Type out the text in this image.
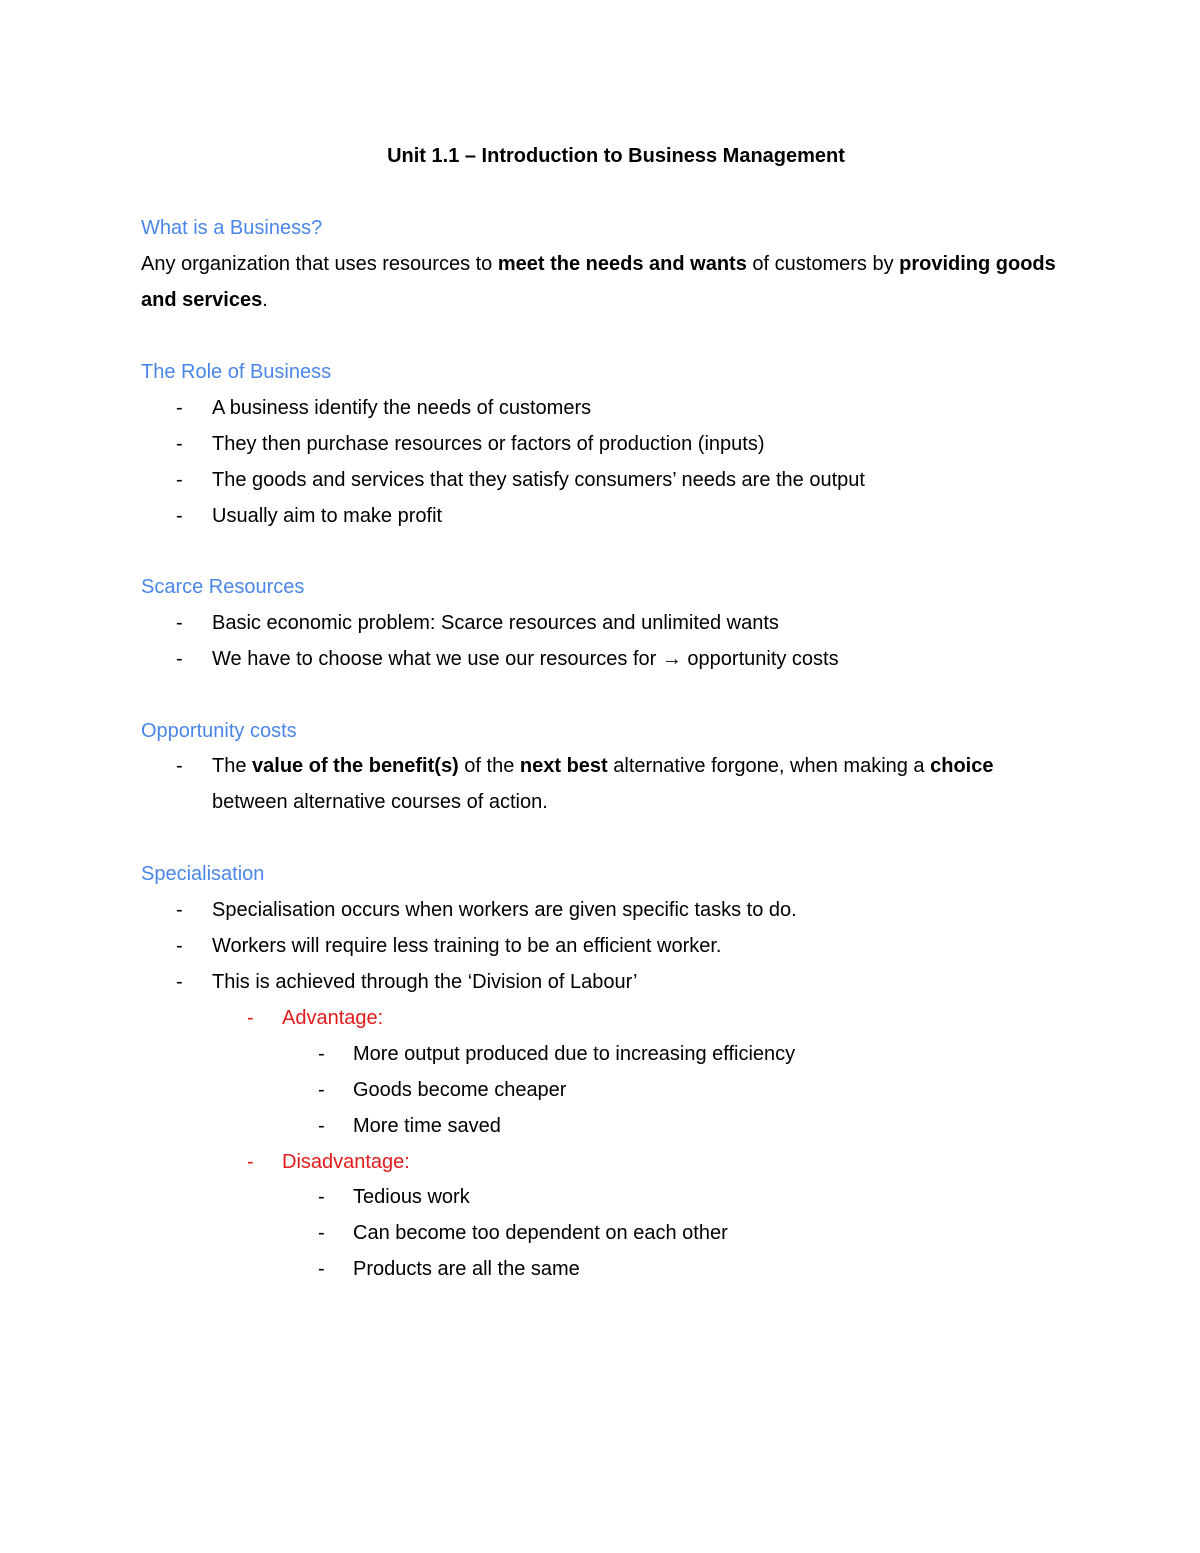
Unit 1.1 – Introduction to Business Management
What is a Business?
Any organization that uses resources to meet the needs and wants of customers by providing goods and services.
The Role of Business
- A business identify the needs of customers
- They then purchase resources or factors of production (inputs)
- The goods and services that they satisfy consumers’ needs are the output
- Usually aim to make profit
Scarce Resources
- Basic economic problem: Scarce resources and unlimited wants
- We have to choose what we use our resources for → opportunity costs
Opportunity costs
- The value of the benefit(s) of the next best alternative forgone, when making a choice between alternative courses of action.
Specialisation
- Specialisation occurs when workers are given specific tasks to do.
- Workers will require less training to be an efficient worker.
- This is achieved through the ‘Division of Labour’
- Advantage:
- More output produced due to increasing efficiency
- Goods become cheaper
- More time saved
- Disadvantage:
- Tedious work
- Can become too dependent on each other
- Products are all the same
